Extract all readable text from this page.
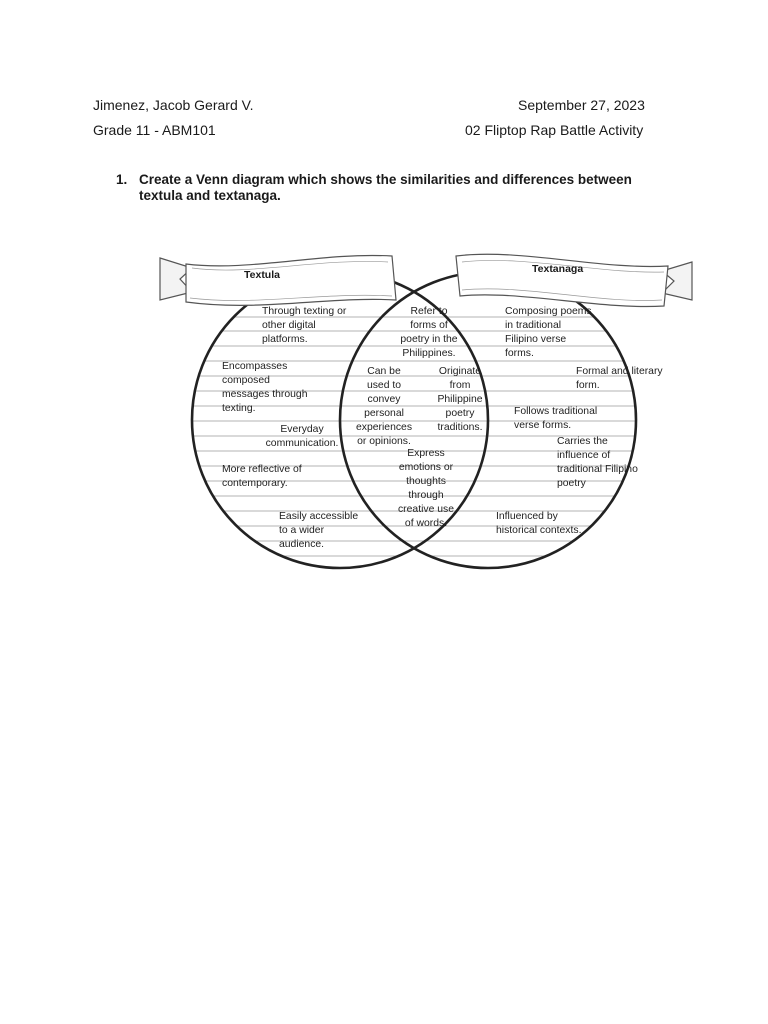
Jimenez, Jacob Gerard V.	September 27, 2023
Grade 11 - ABM101	02 Fliptop Rap Battle Activity
1. Create a Venn diagram which shows the similarities and differences between textula and textanaga.
Textula	Textanaga
Through texting or
other digital
platforms.
Encompasses
composed
messages through
texting.
Everyday
communication.
More reflective of
contemporary.
Easily accessible
to a wider
audience.
Refer to
forms of
poetry in the
Philippines.
Can be
used to
convey
personal
experiences
or opinions.
Originate
from
Philippine
poetry
traditions.
Express
emotions or
thoughts
through
creative use
of words.
Composing poems
in traditional
Filipino verse
forms.
Formal and literary
form.
Follows traditional
verse forms.
Carries the
influence of
traditional Filipino
poetry
Influenced by
historical contexts.
